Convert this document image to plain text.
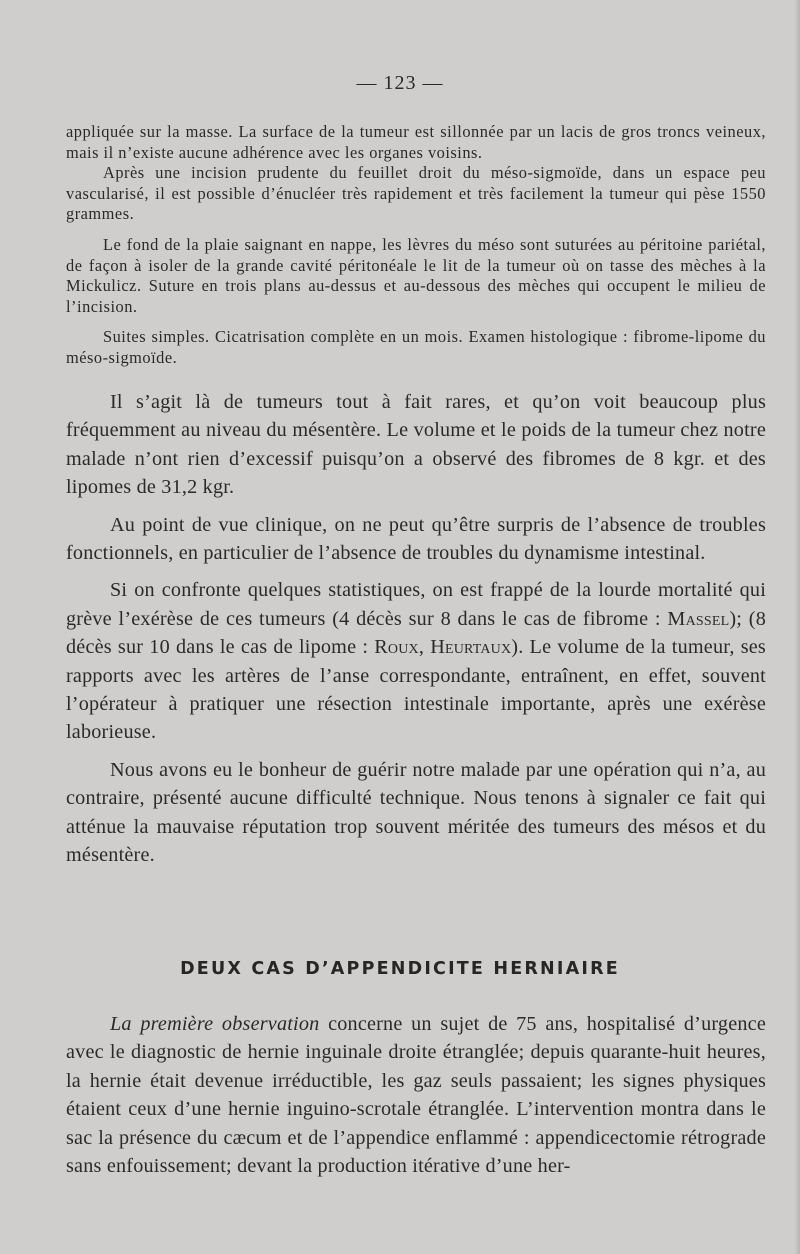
— 123 —

appliquée sur la masse. La surface de la tumeur est sillonnée par un lacis de gros troncs veineux, mais il n’existe aucune adhérence avec les organes voisins.

Après une incision prudente du feuillet droit du méso-sigmoïde, dans un espace peu vascularisé, il est possible d’énucléer très rapidement et très facilement la tumeur qui pèse 1550 grammes.

Le fond de la plaie saignant en nappe, les lèvres du méso sont suturées au péritoine pariétal, de façon à isoler de la grande cavité péritonéale le lit de la tumeur où on tasse des mèches à la Mickulicz. Suture en trois plans au-dessus et au-dessous des mèches qui occupent le milieu de l’incision.

Suites simples. Cicatrisation complète en un mois. Examen histologique : fibrome-lipome du méso-sigmoïde.

Il s’agit là de tumeurs tout à fait rares, et qu’on voit beaucoup plus fréquemment au niveau du mésentère. Le volume et le poids de la tumeur chez notre malade n’ont rien d’excessif puisqu’on a observé des fibromes de 8 kgr. et des lipomes de 31,2 kgr.

Au point de vue clinique, on ne peut qu’être surpris de l’absence de troubles fonctionnels, en particulier de l’absence de troubles du dynamisme intestinal.

Si on confronte quelques statistiques, on est frappé de la lourde mortalité qui grève l’exérèse de ces tumeurs (4 décès sur 8 dans le cas de fibrome : Massel); (8 décès sur 10 dans le cas de lipome : Roux, Heurtaux). Le volume de la tumeur, ses rapports avec les artères de l’anse correspondante, entraînent, en effet, souvent l’opérateur à pratiquer une résection intestinale importante, après une exérèse laborieuse.

Nous avons eu le bonheur de guérir notre malade par une opération qui n’a, au contraire, présenté aucune difficulté technique. Nous tenons à signaler ce fait qui atténue la mauvaise réputation trop souvent méritée des tumeurs des mésos et du mésentère.

DEUX CAS D’APPENDICITE HERNIAIRE

La première observation concerne un sujet de 75 ans, hospitalisé d’urgence avec le diagnostic de hernie inguinale droite étranglée; depuis quarante-huit heures, la hernie était devenue irréductible, les gaz seuls passaient; les signes physiques étaient ceux d’une hernie inguino-scrotale étranglée. L’intervention montra dans le sac la présence du cæcum et de l’appendice enflammé : appendicectomie rétrograde sans enfouissement; devant la production itérative d’une her-
